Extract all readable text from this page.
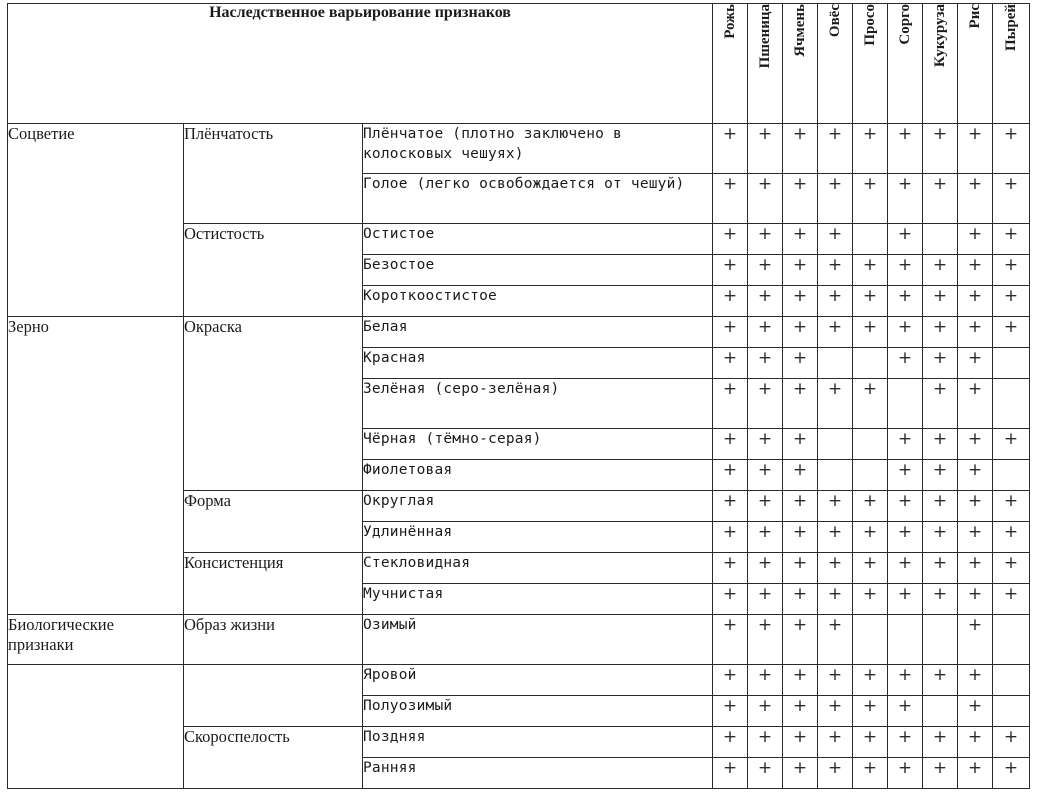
Наследственное варьирование признаков			Рожь	Пшеница	Ячмень	Овёс	Просо	Сорго	Кукуруза	Рис	Пырей
Соцветие	Плёнчатость	Плёнчатое (плотно заключено в колосковых чешуях)	+	+	+	+	+	+	+	+	+
		Голое (легко освобождается от чешуй)	+	+	+	+	+	+	+	+	+
	Остистость	Остистое	+	+	+	+		+		+	+
		Безостое	+	+	+	+	+	+	+	+	+
		Короткоостистое	+	+	+	+	+	+	+	+	+
Зерно	Окраска	Белая	+	+	+	+	+	+	+	+	+
		Красная	+	+	+			+	+	+	
		Зелёная (серо-зелёная)	+	+	+	+	+		+	+	
		Чёрная (тёмно-серая)	+	+	+			+	+	+	+
		Фиолетовая	+	+	+			+	+	+	
	Форма	Округлая	+	+	+	+	+	+	+	+	+
		Удлинённая	+	+	+	+	+	+	+	+	+
	Консистенция	Стекловидная	+	+	+	+	+	+	+	+	+
		Мучнистая	+	+	+	+	+	+	+	+	+
Биологические признаки	Образ жизни	Озимый	+	+	+	+				+	
		Яровой	+	+	+	+	+	+	+	+	
		Полуозимый	+	+	+	+	+	+		+	
	Скороспелость	Поздняя	+	+	+	+	+	+	+	+	+
		Ранняя	+	+	+	+	+	+	+	+	+
